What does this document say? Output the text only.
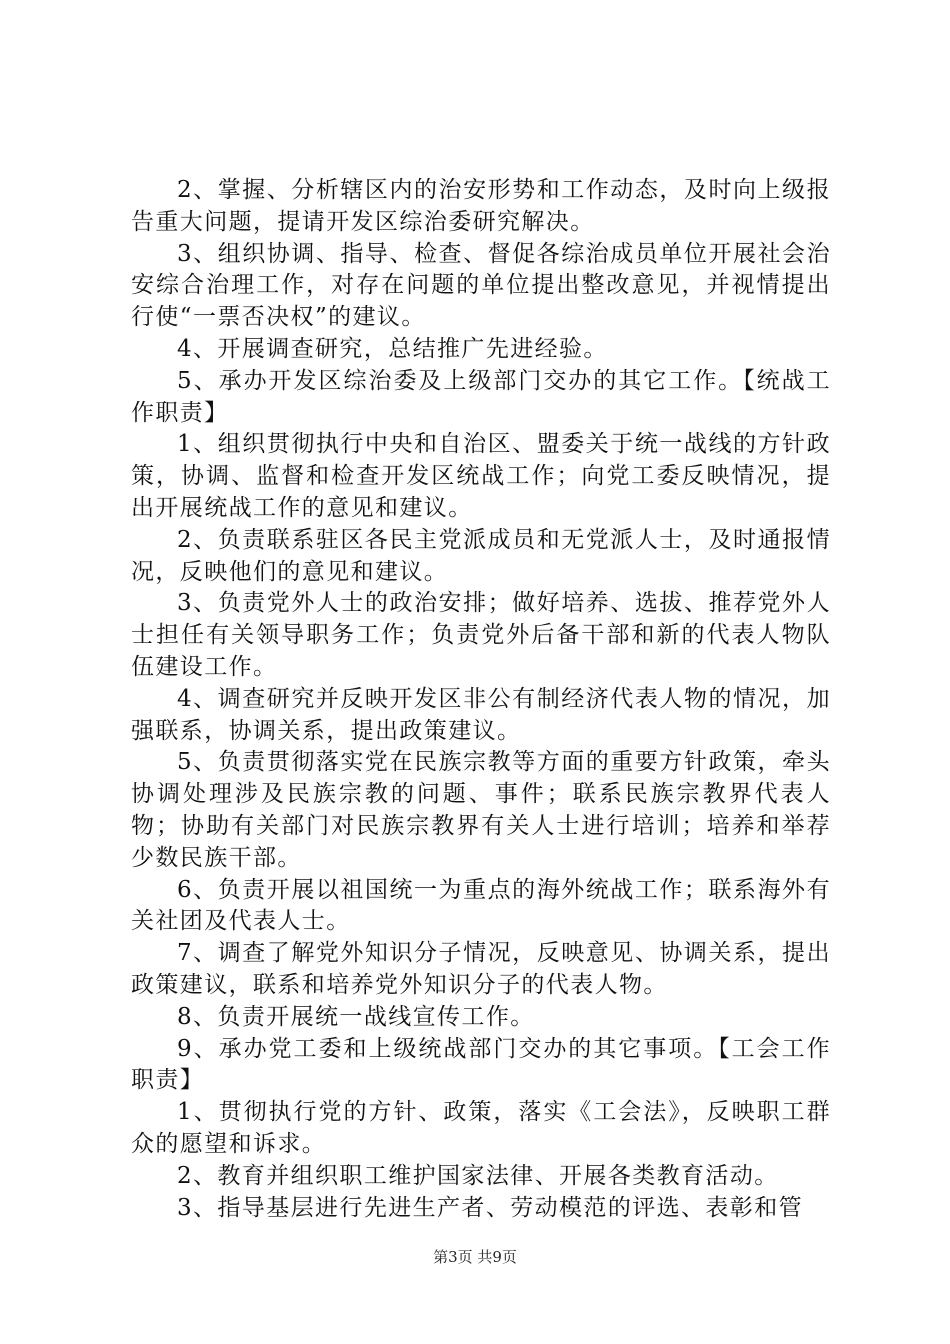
2、掌握、分析辖区内的治安形势和工作动态，及时向上级报告重大问题，提请开发区综治委研究解决。

3、组织协调、指导、检查、督促各综治成员单位开展社会治安综合治理工作，对存在问题的单位提出整改意见，并视情提出行使“一票否决权”的建议。

4、开展调查研究，总结推广先进经验。

5、承办开发区综治委及上级部门交办的其它工作。【统战工作职责】

1、组织贯彻执行中央和自治区、盟委关于统一战线的方针政策，协调、监督和检查开发区统战工作；向党工委反映情况，提出开展统战工作的意见和建议。

2、负责联系驻区各民主党派成员和无党派人士，及时通报情况，反映他们的意见和建议。

3、负责党外人士的政治安排；做好培养、选拔、推荐党外人士担任有关领导职务工作；负责党外后备干部和新的代表人物队伍建设工作。

4、调查研究并反映开发区非公有制经济代表人物的情况，加强联系，协调关系，提出政策建议。

5、负责贯彻落实党在民族宗教等方面的重要方针政策，牵头协调处理涉及民族宗教的问题、事件；联系民族宗教界代表人物；协助有关部门对民族宗教界有关人士进行培训；培养和举荐少数民族干部。

6、负责开展以祖国统一为重点的海外统战工作；联系海外有关社团及代表人士。

7、调查了解党外知识分子情况，反映意见、协调关系，提出政策建议，联系和培养党外知识分子的代表人物。

8、负责开展统一战线宣传工作。

9、承办党工委和上级统战部门交办的其它事项。【工会工作职责】

1、贯彻执行党的方针、政策，落实《工会法》，反映职工群众的愿望和诉求。

2、教育并组织职工维护国家法律、开展各类教育活动。

3、指导基层进行先进生产者、劳动模范的评选、表彰和管

第3页 共9页
